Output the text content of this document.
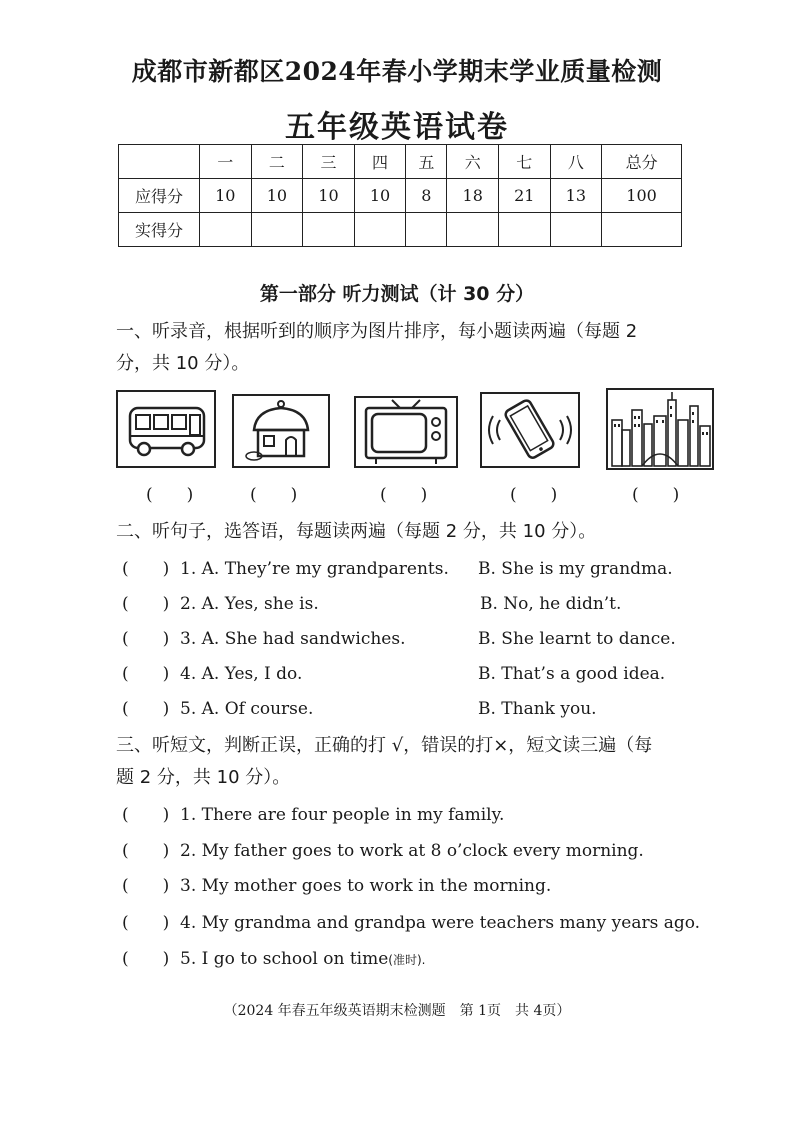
成都市新都区2024年春小学期末学业质量检测
五年级英语试卷
	一	二	三	四	五	六	七	八	总分
应得分	10	10	10	10	8	18	21	13	100
实得分									
第一部分 听力测试（计 30 分）
一、听录音，根据听到的顺序为图片排序，每小题读两遍（每题 2
分，共 10 分）。
(　　)	(　　)	(　　)	(　　)	(　　)
二、听句子，选答语，每题读两遍（每题 2 分，共 10 分）。
(　　) 1. A. They’re my grandparents. B. She is my grandma.
(　　) 2. A. Yes, she is.	B. No, he didn’t.
(　　) 3. A. She had sandwiches.	B. She learnt to dance.
(　　) 4. A. Yes, I do.	B. That’s a good idea.
(　　) 5. A. Of course.	B. Thank you.
三、听短文，判断正误，正确的打 √，错误的打×，短文读三遍（每
题 2 分，共 10 分）。
(　　) 1. There are four people in my family.
(　　) 2. My father goes to work at 8 o’clock every morning.
(　　) 3. My mother goes to work in the morning.
(　　) 4. My grandma and grandpa were teachers many years ago.
(　　) 5. I go to school on time(准时).
（2024 年春五年级英语期末检测题　第 1页　共 4页）
